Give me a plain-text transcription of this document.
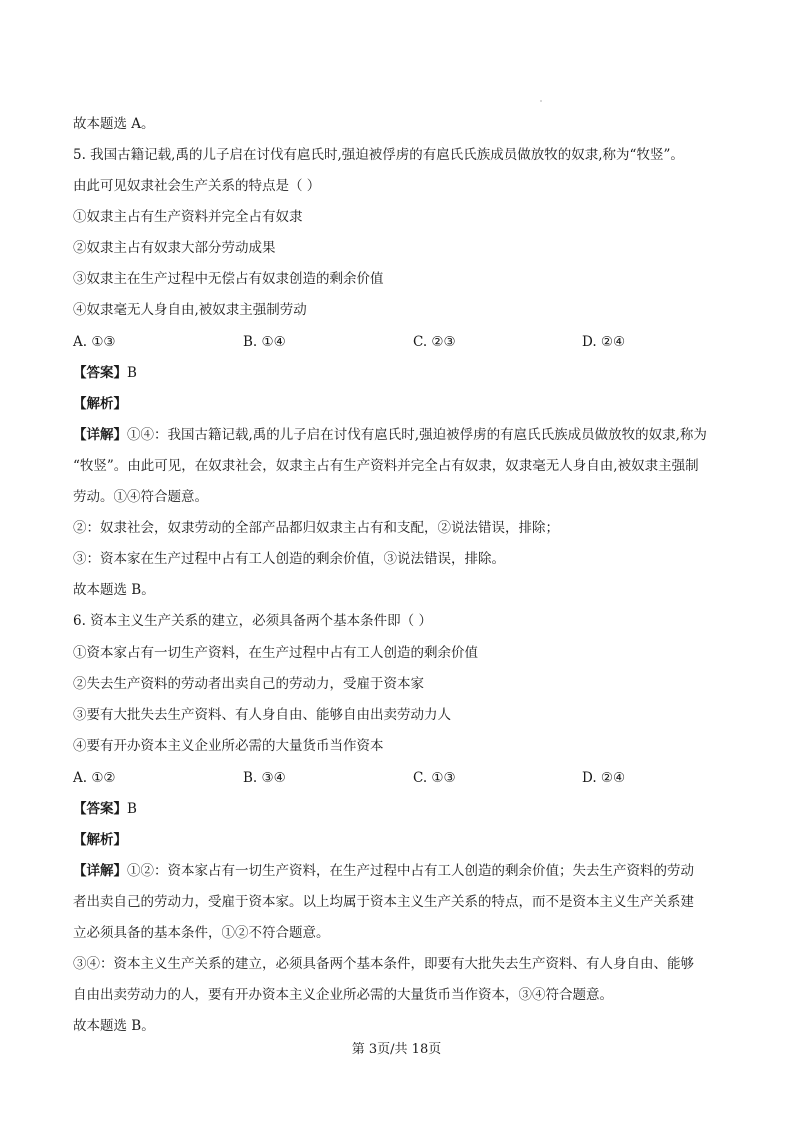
故本题选 A。
5. 我国古籍记载,禹的儿子启在讨伐有扈氏时,强迫被俘虏的有扈氏氏族成员做放牧的奴隶,称为“牧竖”。
由此可见奴隶社会生产关系的特点是（ ）
①奴隶主占有生产资料并完全占有奴隶
②奴隶主占有奴隶大部分劳动成果
③奴隶主在生产过程中无偿占有奴隶创造的剩余价值
④奴隶毫无人身自由,被奴隶主强制劳动
A. ①③	B. ①④	C. ②③	D. ②④
【答案】B
【解析】
【详解】①④：我国古籍记载,禹的儿子启在讨伐有扈氏时,强迫被俘虏的有扈氏氏族成员做放牧的奴隶,称为
“牧竖”。由此可见，在奴隶社会，奴隶主占有生产资料并完全占有奴隶，奴隶毫无人身自由,被奴隶主强制
劳动。①④符合题意。
②：奴隶社会，奴隶劳动的全部产品都归奴隶主占有和支配，②说法错误，排除；
③：资本家在生产过程中占有工人创造的剩余价值，③说法错误，排除。
故本题选 B。
6. 资本主义生产关系的建立，必须具备两个基本条件即（ ）
①资本家占有一切生产资料，在生产过程中占有工人创造的剩余价值
②失去生产资料的劳动者出卖自己的劳动力，受雇于资本家
③要有大批失去生产资料、有人身自由、能够自由出卖劳动力人
④要有开办资本主义企业所必需的大量货币当作资本
A. ①②	B. ③④	C. ①③	D. ②④
【答案】B
【解析】
【详解】①②：资本家占有一切生产资料，在生产过程中占有工人创造的剩余价值；失去生产资料的劳动
者出卖自己的劳动力，受雇于资本家。以上均属于资本主义生产关系的特点，而不是资本主义生产关系建
立必须具备的基本条件，①②不符合题意。
③④：资本主义生产关系的建立，必须具备两个基本条件，即要有大批失去生产资料、有人身自由、能够
自由出卖劳动力的人，要有开办资本主义企业所必需的大量货币当作资本，③④符合题意。
故本题选 B。
第 3页/共 18页
